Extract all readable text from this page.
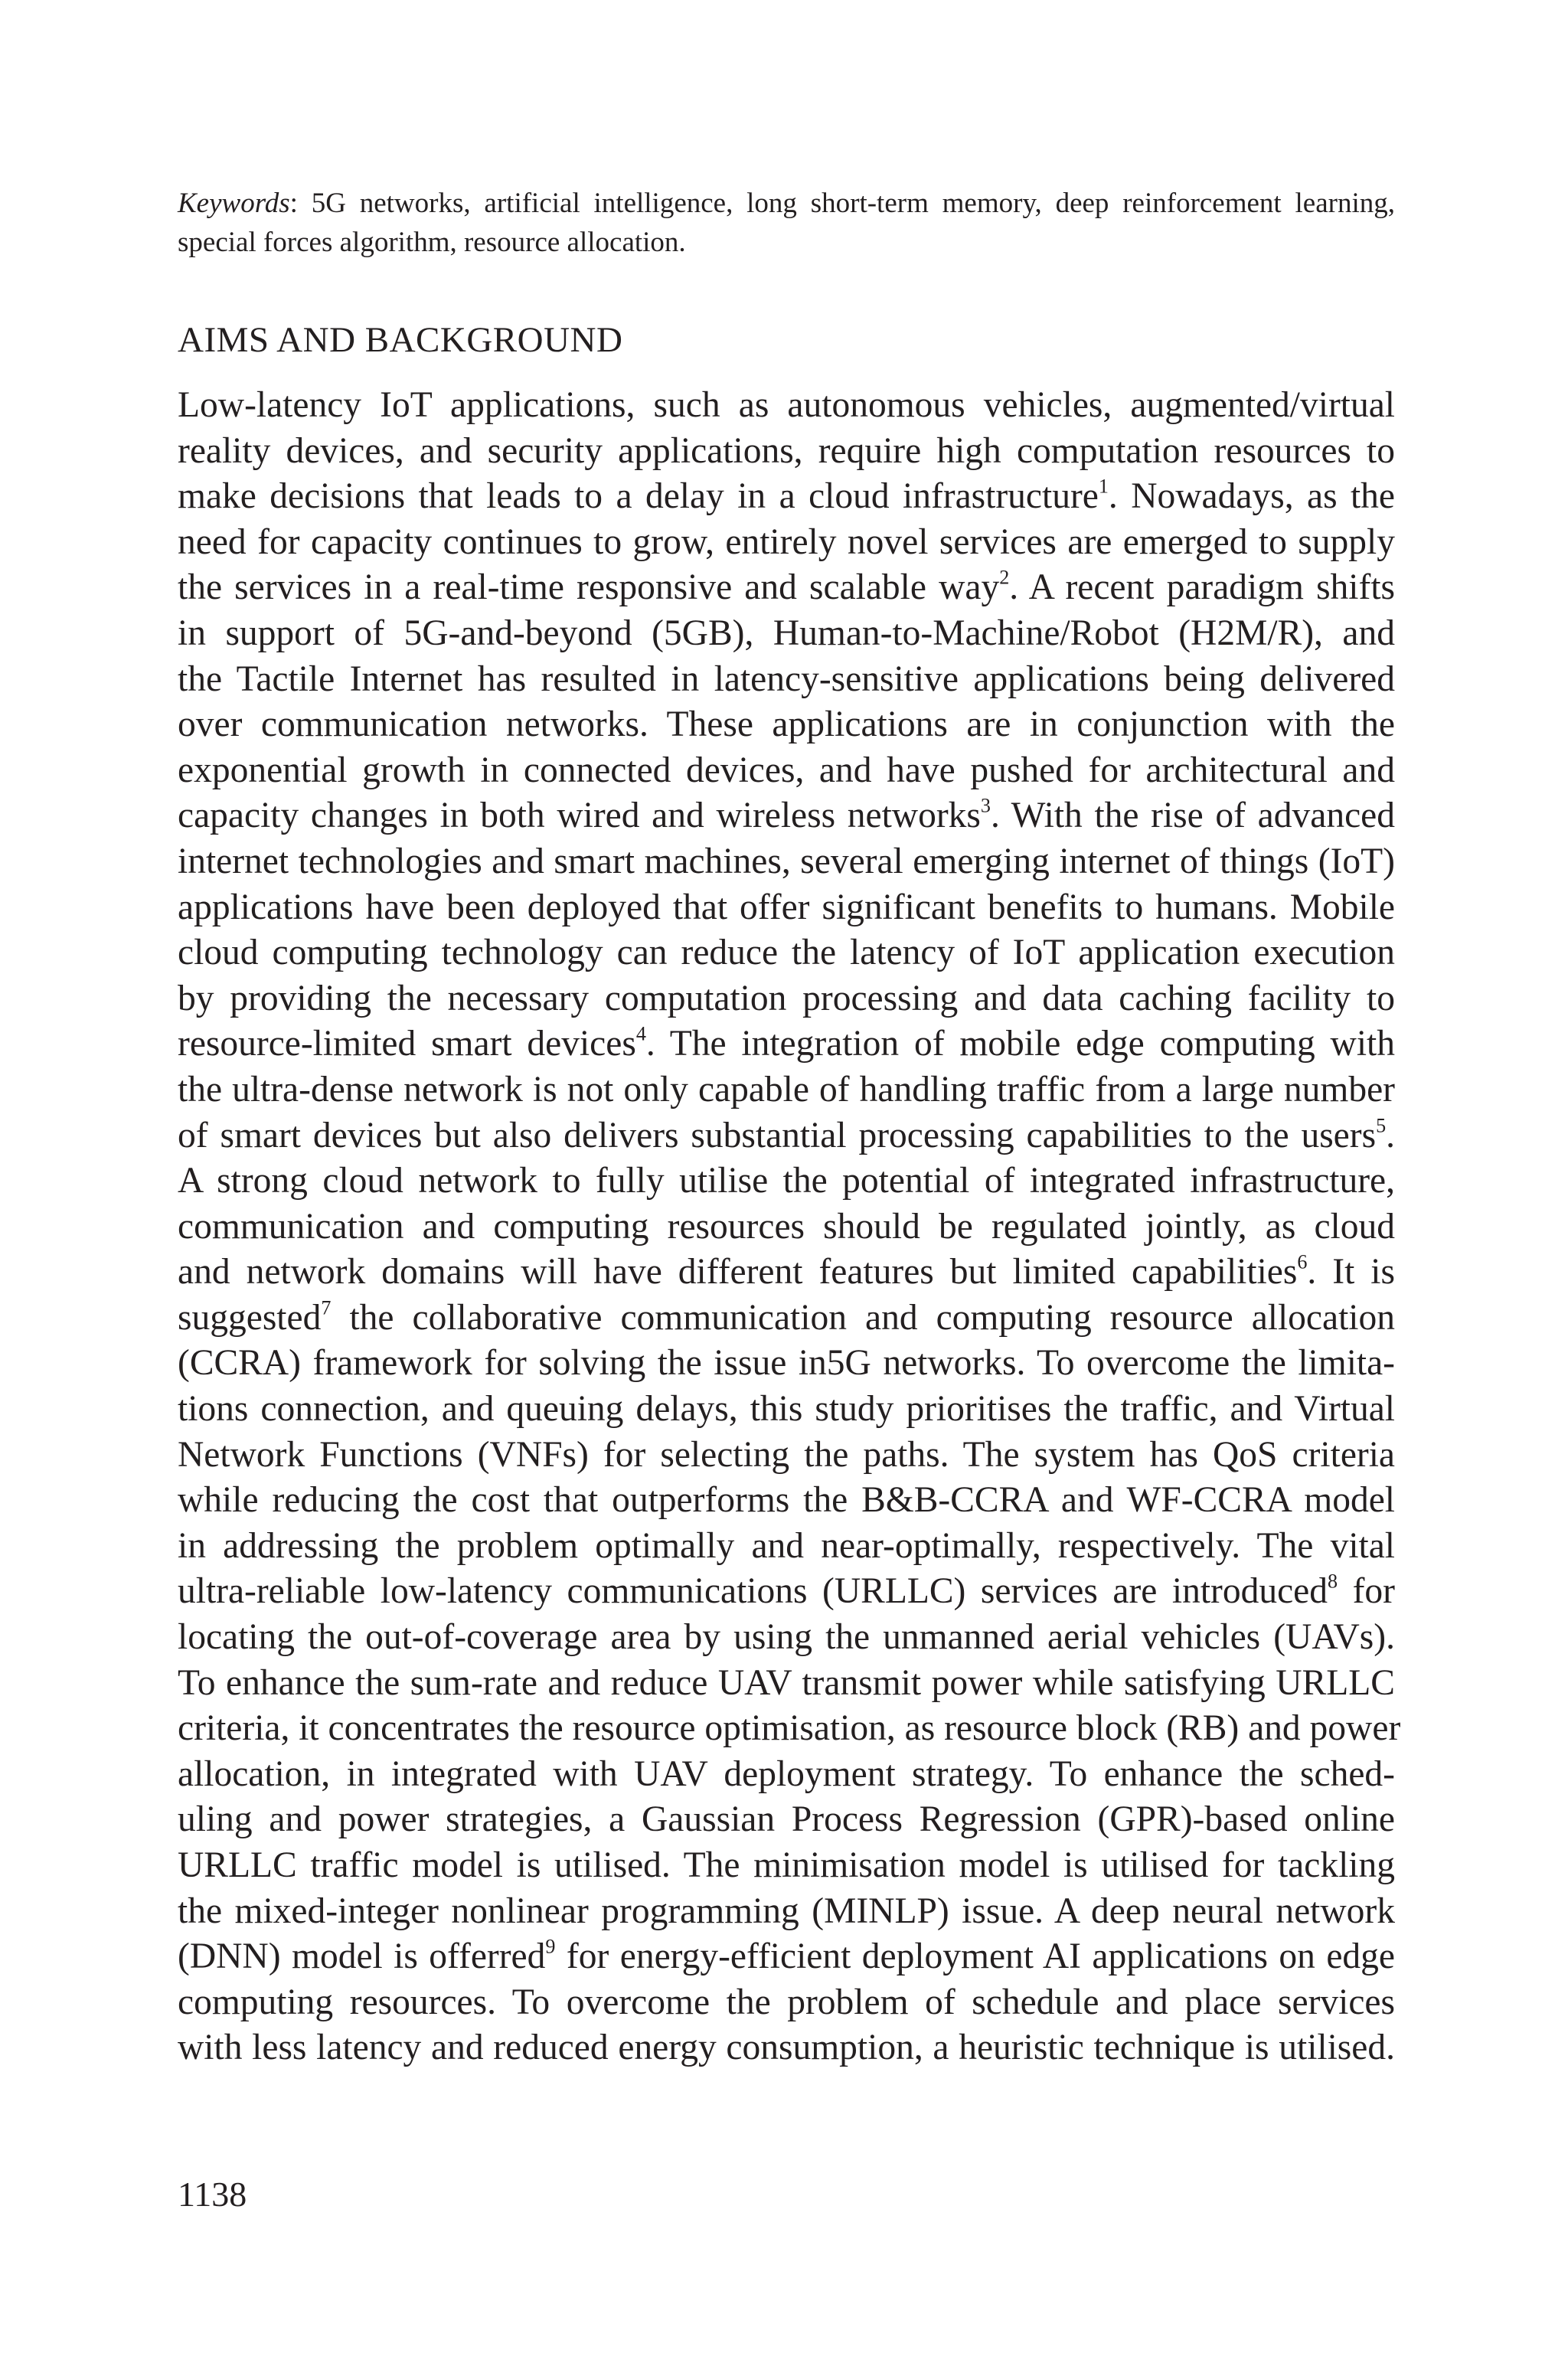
Keywords: 5G networks, artificial intelligence, long short-term memory, deep reinforcement learning, special forces algorithm, resource allocation.
AIMS AND BACKGROUND
Low-latency IoT applications, such as autonomous vehicles, augmented/virtual
reality devices, and security applications, require high computation resources to
make decisions that leads to a delay in a cloud infrastructure$^1$. Nowadays, as the
need for capacity continues to grow, entirely novel services are emerged to supply
the services in a real-time responsive and scalable way$^2$. A recent paradigm shifts
in support of 5G-and-beyond (5GB), Human-to-Machine/Robot (H2M/R), and
the Tactile Internet has resulted in latency-sensitive applications being delivered
over communication networks. These applications are in conjunction with the
exponential growth in connected devices, and have pushed for architectural and
capacity changes in both wired and wireless networks$^3$. With the rise of advanced
internet technologies and smart machines, several emerging internet of things (IoT)
applications have been deployed that offer significant benefits to humans. Mobile
cloud computing technology can reduce the latency of IoT application execution
by providing the necessary computation processing and data caching facility to
resource-limited smart devices$^4$. The integration of mobile edge computing with
the ultra-dense network is not only capable of handling traffic from a large number
of smart devices but also delivers substantial processing capabilities to the users$^5$.
A strong cloud network to fully utilise the potential of integrated infrastructure,
communication and computing resources should be regulated jointly, as cloud
and network domains will have different features but limited capabilities$^6$. It is
suggested$^7$ the collaborative communication and computing resource allocation
(CCRA) framework for solving the issue in5G networks. To overcome the limita-
tions connection, and queuing delays, this study prioritises the traffic, and Virtual
Network Functions (VNFs) for selecting the paths. The system has QoS criteria
while reducing the cost that outperforms the B&B-CCRA and WF-CCRA model
in addressing the problem optimally and near-optimally, respectively. The vital
ultra-reliable low-latency communications (URLLC) services are introduced$^8$ for
locating the out-of-coverage area by using the unmanned aerial vehicles (UAVs).
To enhance the sum-rate and reduce UAV transmit power while satisfying URLLC
criteria, it concentrates the resource optimisation, as resource block (RB) and power
allocation, in integrated with UAV deployment strategy. To enhance the sched-
uling and power strategies, a Gaussian Process Regression (GPR)-based online
URLLC traffic model is utilised. The minimisation model is utilised for tackling
the mixed-integer nonlinear programming (MINLP) issue. A deep neural network
(DNN) model is offerred$^9$ for energy-efficient deployment AI applications on edge
computing resources. To overcome the problem of schedule and place services
with less latency and reduced energy consumption, a heuristic technique is utilised.

1138
